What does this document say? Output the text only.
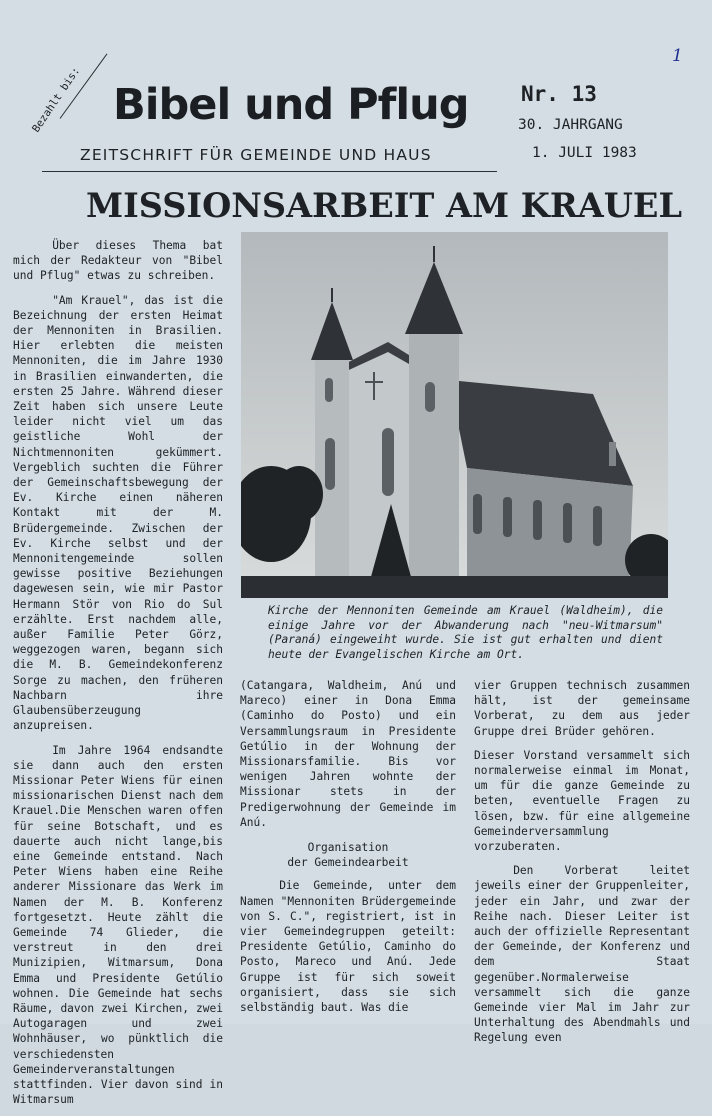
1
Bezahlt bis: Bibel und Pflug
ZEITSCHRIFT FÜR GEMEINDE UND HAUS
Nr. 13
30. JAHRGANG
1. JULI 1983
MISSIONSARBEIT AM KRAUEL

Über dieses Thema bat mich der Redakteur von "Bibel und Pflug" etwas zu schreiben.

"Am Krauel", das ist die Bezeichnung der ersten Heimat der Mennoniten in Brasilien. Hier erlebten die meisten Mennoniten, die im Jahre 1930 in Brasilien einwanderten, die ersten 25 Jahre. Während dieser Zeit haben sich unsere Leute leider nicht viel um das geistliche Wohl der Nichtmennoniten gekümmert. Vergeblich suchten die Führer der Gemeinschaftsbewegung der Ev. Kirche einen näheren Kontakt mit der M. Brüdergemeinde. Zwischen der Ev. Kirche selbst und der Mennonitengemeinde sollen gewisse positive Beziehungen dagewesen sein, wie mir Pastor Hermann Stör von Rio do Sul erzählte. Erst nachdem alle, außer Familie Peter Görz, weggezogen waren, begann sich die M. B. Gemeindekonferenz Sorge zu machen, den früheren Nachbarn ihre Glaubensüberzeugung anzupreisen.

Im Jahre 1964 endsandte sie dann auch den ersten Missionar Peter Wiens für einen missionarischen Dienst nach dem Krauel.Die Menschen waren offen für seine Botschaft, und es dauerte auch nicht lange,bis eine Gemeinde entstand. Nach Peter Wiens haben eine Reihe anderer Missionare das Werk im Namen der M. B. Konferenz fortgesetzt. Heute zählt die Gemeinde 74 Glieder, die verstreut in den drei Munizipien, Witmarsum, Dona Emma und Presidente Getúlio wohnen. Die Gemeinde hat sechs Räume, davon zwei Kirchen, zwei Autogaragen und zwei Wohnhäuser, wo pünktlich die verschiedensten Gemeinderveranstaltungen stattfinden. Vier davon sind in Witmarsum

Kirche der Mennoniten Gemeinde am Krauel (Waldheim), die einige Jahre vor der Abwanderung nach "neu-Witmarsum" (Paraná) eingeweiht wurde. Sie ist gut erhalten und dient heute der Evangelischen Kirche am Ort.

(Catangara, Waldheim, Anú und Mareco) einer in Dona Emma (Caminho do Posto) und ein Versammlungsraum in Presidente Getúlio in der Wohnung der Missionarsfamilie. Bis vor wenigen Jahren wohnte der Missionar stets in der Predigerwohnung der Gemeinde im Anú.

Organisation
der Gemeindearbeit

Die Gemeinde, unter dem Namen "Mennoniten Brüdergemeinde von S. C.", registriert, ist in vier Gemeindegruppen geteilt: Presidente Getúlio, Caminho do Posto, Mareco und Anú. Jede Gruppe ist für sich soweit organisiert, dass sie sich selbständig baut. Was die

vier Gruppen technisch zusammen hält, ist der gemeinsame Vorberat, zu dem aus jeder Gruppe drei Brüder gehören.

Dieser Vorstand versammelt sich normalerweise einmal im Monat, um für die ganze Gemeinde zu beten, eventuelle Fragen zu lösen, bzw. für eine allgemeine Gemeinderversammlung vorzuberaten.

Den Vorberat leitet jeweils einer der Gruppenleiter, jeder ein Jahr, und zwar der Reihe nach. Dieser Leiter ist auch der offizielle Representant der Gemeinde, der Konferenz und dem Staat gegenüber.Normalerweise versammelt sich die ganze Gemeinde vier Mal im Jahr zur Unterhaltung des Abendmahls und Regelung even
